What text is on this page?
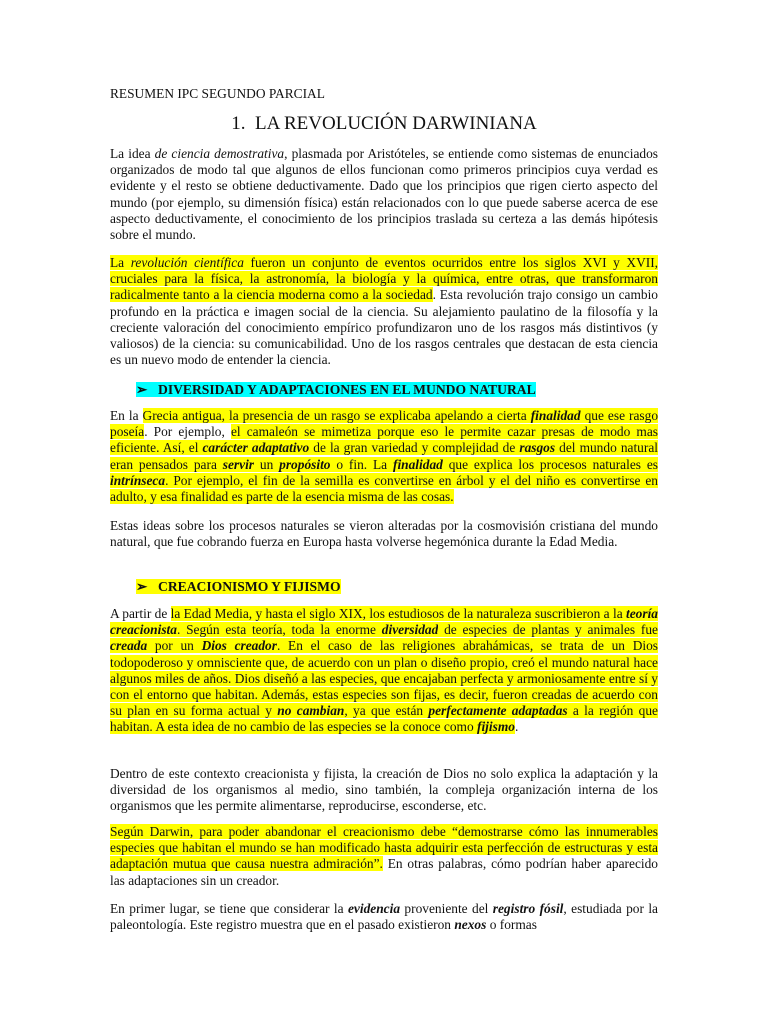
RESUMEN IPC SEGUNDO PARCIAL
1. LA REVOLUCIÓN DARWINIANA

La idea de ciencia demostrativa, plasmada por Aristóteles, se entiende como sistemas de enunciados organizados de modo tal que algunos de ellos funcionan como primeros principios cuya verdad es evidente y el resto se obtiene deductivamente. Dado que los principios que rigen cierto aspecto del mundo (por ejemplo, su dimensión física) están relacionados con lo que puede saberse acerca de ese aspecto deductivamente, el conocimiento de los principios traslada su certeza a las demás hipótesis sobre el mundo.

La revolución científica fueron un conjunto de eventos ocurridos entre los siglos XVI y XVII, cruciales para la física, la astronomía, la biología y la química, entre otras, que transformaron radicalmente tanto a la ciencia moderna como a la sociedad. Esta revolución trajo consigo un cambio profundo en la práctica e imagen social de la ciencia. Su alejamiento paulatino de la filosofía y la creciente valoración del conocimiento empírico profundizaron uno de los rasgos más distintivos (y valiosos) de la ciencia: su comunicabilidad. Uno de los rasgos centrales que destacan de esta ciencia es un nuevo modo de entender la ciencia.

En la Grecia antigua, la presencia de un rasgo se explicaba apelando a cierta finalidad que ese rasgo poseía. Por ejemplo, el camaleón se mimetiza porque eso le permite cazar presas de modo mas eficiente. Así, el carácter adaptativo de la gran variedad y complejidad de rasgos del mundo natural eran pensados para servir un propósito o fin. La finalidad que explica los procesos naturales es intrínseca. Por ejemplo, el fin de la semilla es convertirse en árbol y el del niño es convertirse en adulto, y esa finalidad es parte de la esencia misma de las cosas.

Estas ideas sobre los procesos naturales se vieron alteradas por la cosmovisión cristiana del mundo natural, que fue cobrando fuerza en Europa hasta volverse hegemónica durante la Edad Media.

A partir de la Edad Media, y hasta el siglo XIX, los estudiosos de la naturaleza suscribieron a la teoría creacionista. Según esta teoría, toda la enorme diversidad de especies de plantas y animales fue creada por un Dios creador. En el caso de las religiones abrahámicas, se trata de un Dios todopoderoso y omnisciente que, de acuerdo con un plan o diseño propio, creó el mundo natural hace algunos miles de años. Dios diseñó a las especies, que encajaban perfecta y armoniosamente entre sí y con el entorno que habitan. Además, estas especies son fijas, es decir, fueron creadas de acuerdo con su plan en su forma actual y no cambian, ya que están perfectamente adaptadas a la región que habitan. A esta idea de no cambio de las especies se la conoce como fijismo.

Dentro de este contexto creacionista y fijista, la creación de Dios no solo explica la adaptación y la diversidad de los organismos al medio, sino también, la compleja organización interna de los organismos que les permite alimentarse, reproducirse, esconderse, etc.

Según Darwin, para poder abandonar el creacionismo debe “demostrarse cómo las innumerables especies que habitan el mundo se han modificado hasta adquirir esta perfección de estructuras y esta adaptación mutua que causa nuestra admiración”. En otras palabras, cómo podrían haber aparecido las adaptaciones sin un creador.

En primer lugar, se tiene que considerar la evidencia proveniente del registro fósil, estudiada por la paleontología. Este registro muestra que en el pasado existieron nexos o formas

➢ DIVERSIDAD Y ADAPTACIONES EN EL MUNDO NATURAL
➢ CREACIONISMO Y FIJISMO
